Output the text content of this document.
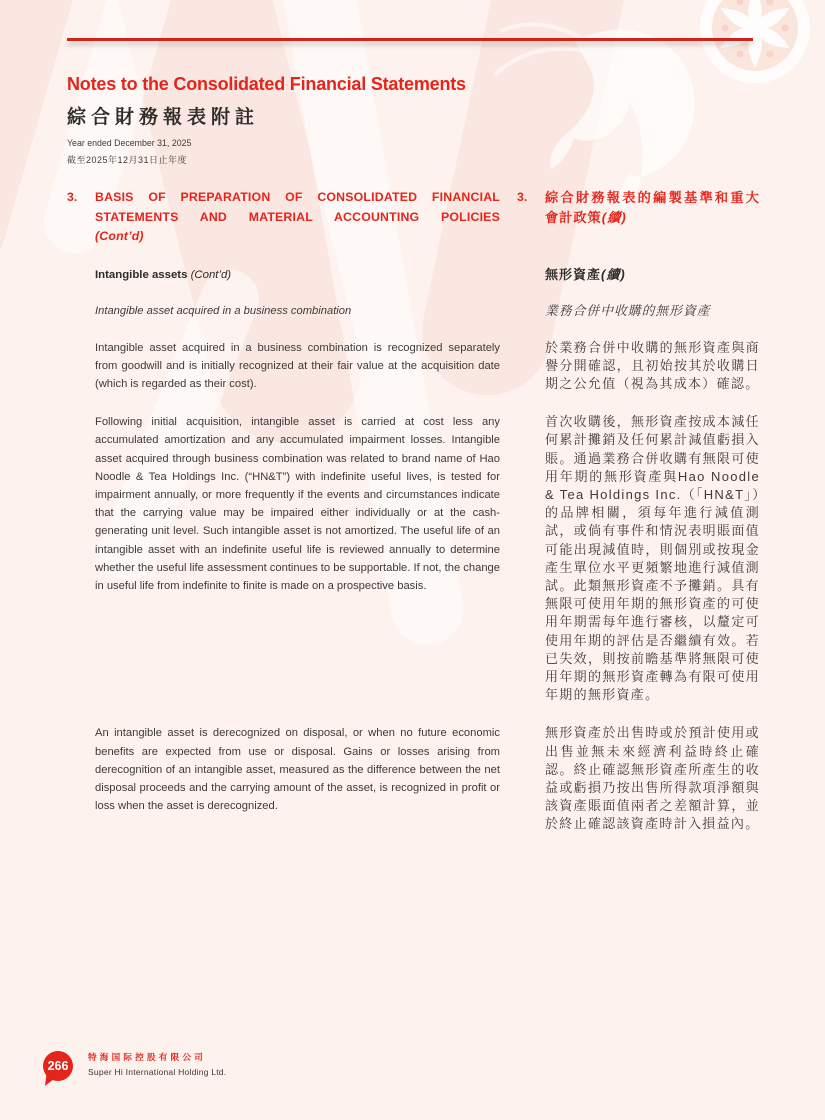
Notes to the Consolidated Financial Statements
綜合財務報表附註
Year ended December 31, 2025
截至2025年12月31日止年度
3.	BASIS OF PREPARATION OF CONSOLIDATED FINANCIAL
STATEMENTS AND MATERIAL ACCOUNTING POLICIES
(Cont’d)
3.	綜合財務報表的編製基準和重大
會計政策(續)
Intangible assets (Cont’d)	無形資產(續)
Intangible asset acquired in a business combination	業務合併中收購的無形資產

Intangible asset acquired in a business combination is recognized separately from goodwill and is initially recognized at their fair value at the acquisition date (which is regarded as their cost).

於業務合併中收購的無形資產與商譽分開確認，且初始按其於收購日期之公允值（視為其成本）確認。

Following initial acquisition, intangible asset is carried at cost less any accumulated amortization and any accumulated impairment losses. Intangible asset acquired through business combination was related to brand name of Hao Noodle & Tea Holdings Inc. (“HN&T”) with indefinite useful lives, is tested for impairment annually, or more frequently if the events and circumstances indicate that the carrying value may be impaired either individually or at the cash-generating unit level. Such intangible asset is not amortized. The useful life of an intangible asset with an indefinite useful life is reviewed annually to determine whether the useful life assessment continues to be supportable. If not, the change in useful life from indefinite to finite is made on a prospective basis.

首次收購後，無形資產按成本減任何累計攤銷及任何累計減值虧損入賬。通過業務合併收購有無限可使用年期的無形資產與Hao Noodle & Tea Holdings Inc.（「HN&T」）的品牌相關，須每年進行減值測試，或倘有事件和情況表明賬面值可能出現減值時，則個別或按現金產生單位水平更頻繁地進行減值測試。此類無形資產不予攤銷。具有無限可使用年期的無形資產的可使用年期需每年進行審核，以釐定可使用年期的評估是否繼續有效。若已失效，則按前瞻基準將無限可使用年期的無形資產轉為有限可使用年期的無形資產。

An intangible asset is derecognized on disposal, or when no future economic benefits are expected from use or disposal. Gains or losses arising from derecognition of an intangible asset, measured as the difference between the net disposal proceeds and the carrying amount of the asset, is recognized in profit or loss when the asset is derecognized.

無形資產於出售時或於預計使用或出售並無未來經濟利益時終止確認。終止確認無形資產所產生的收益或虧損乃按出售所得款項淨額與該資產賬面值兩者之差額計算，並於終止確認該資產時計入損益內。

266
特海国际控股有限公司
Super Hi International Holding Ltd.
